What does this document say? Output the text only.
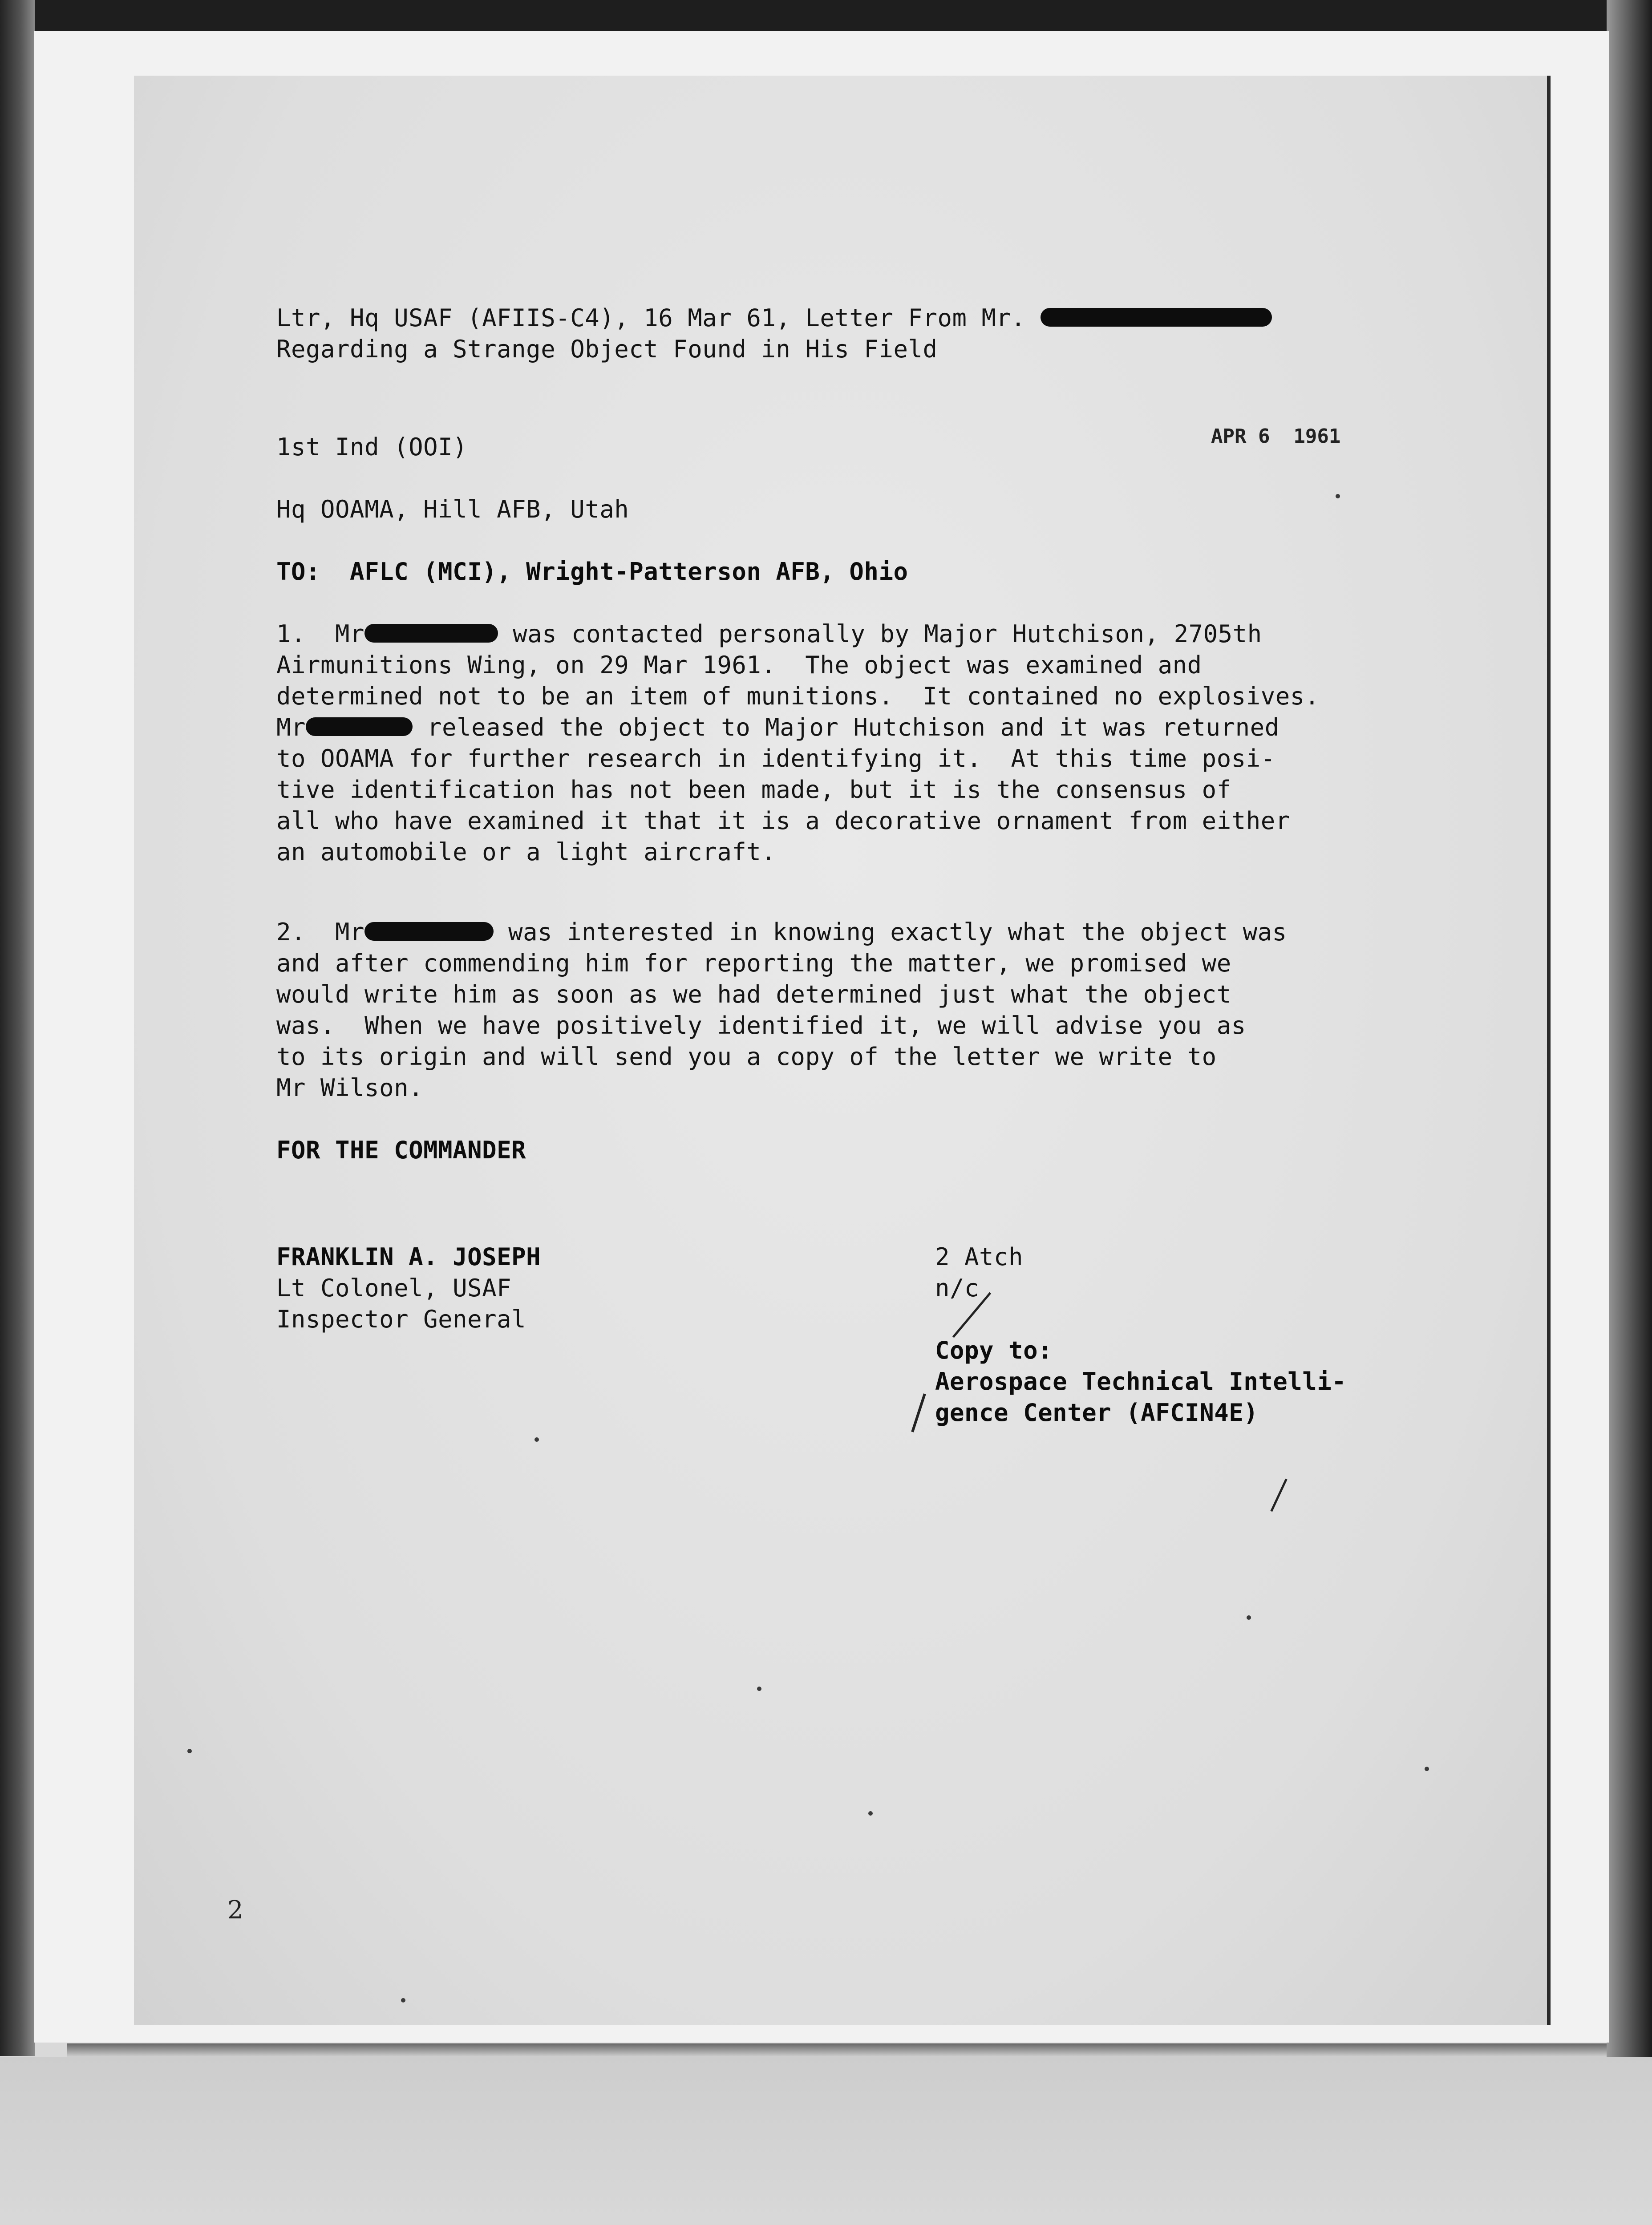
Ltr, Hq USAF (AFIIS-C4), 16 Mar 61, Letter From Mr.
Regarding a Strange Object Found in His Field
1st Ind (OOI)	APR 6  1961
Hq OOAMA, Hill AFB, Utah
TO:  AFLC (MCI), Wright-Patterson AFB, Ohio
1.  Mr	was contacted personally by Major Hutchison, 2705th
Airmunitions Wing, on 29 Mar 1961.  The object was examined and
determined not to be an item of munitions.  It contained no explosives.
Mr	released the object to Major Hutchison and it was returned
to OOAMA for further research in identifying it.  At this time posi-
tive identification has not been made, but it is the consensus of
all who have examined it that it is a decorative ornament from either
an automobile or a light aircraft.
2.  Mr	was interested in knowing exactly what the object was
and after commending him for reporting the matter, we promised we
would write him as soon as we had determined just what the object
was.  When we have positively identified it, we will advise you as
to its origin and will send you a copy of the letter we write to
Mr Wilson.
FOR THE COMMANDER
FRANKLIN A. JOSEPH
Lt Colonel, USAF
Inspector General
2 Atch
n/c
Copy to:
Aerospace Technical Intelli-
gence Center (AFCIN4E)
2
